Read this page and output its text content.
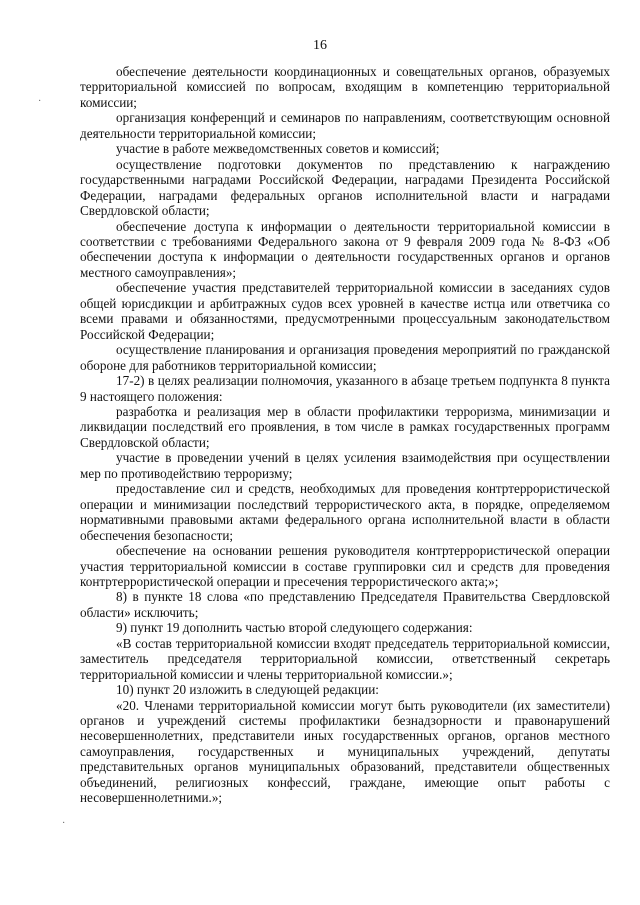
16

обеспечение деятельности координационных и совещательных органов, образуемых территориальной комиссией по вопросам, входящим в компетенцию территориальной комиссии;

организация конференций и семинаров по направлениям, соответствующим основной деятельности территориальной комиссии;

участие в работе межведомственных советов и комиссий;

осуществление подготовки документов по представлению к награждению государственными наградами Российской Федерации, наградами Президента Российской Федерации, наградами федеральных органов исполнительной власти и наградами Свердловской области;

обеспечение доступа к информации о деятельности территориальной комиссии в соответствии с требованиями Федерального закона от 9 февраля 2009 года № 8-ФЗ «Об обеспечении доступа к информации о деятельности государственных органов и органов местного самоуправления»;

обеспечение участия представителей территориальной комиссии в заседаниях судов общей юрисдикции и арбитражных судов всех уровней в качестве истца или ответчика со всеми правами и обязанностями, предусмотренными процессуальным законодательством Российской Федерации;

осуществление планирования и организация проведения мероприятий по гражданской обороне для работников территориальной комиссии;

17-2) в целях реализации полномочия, указанного в абзаце третьем подпункта 8 пункта 9 настоящего положения:

разработка и реализация мер в области профилактики терроризма, минимизации и ликвидации последствий его проявления, в том числе в рамках государственных программ Свердловской области;

участие в проведении учений в целях усиления взаимодействия при осуществлении мер по противодействию терроризму;

предоставление сил и средств, необходимых для проведения контртеррористической операции и минимизации последствий террористического акта, в порядке, определяемом нормативными правовыми актами федерального органа исполнительной власти в области обеспечения безопасности;

обеспечение на основании решения руководителя контртеррористической операции участия территориальной комиссии в составе группировки сил и средств для проведения контртеррористической операции и пресечения террористического акта;»;

8) в пункте 18 слова «по представлению Председателя Правительства Свердловской области» исключить;

9) пункт 19 дополнить частью второй следующего содержания:

«В состав территориальной комиссии входят председатель территориальной комиссии, заместитель председателя территориальной комиссии, ответственный секретарь территориальной комиссии и члены территориальной комиссии.»;

10) пункт 20 изложить в следующей редакции:

«20. Членами территориальной комиссии могут быть руководители (их заместители) органов и учреждений системы профилактики безнадзорности и правонарушений несовершеннолетних, представители иных государственных органов, органов местного самоуправления, государственных и муниципальных учреждений, депутаты представительных органов муниципальных образований, представители общественных объединений, религиозных конфессий, граждане, имеющие опыт работы с несовершеннолетними.»;

·
·
